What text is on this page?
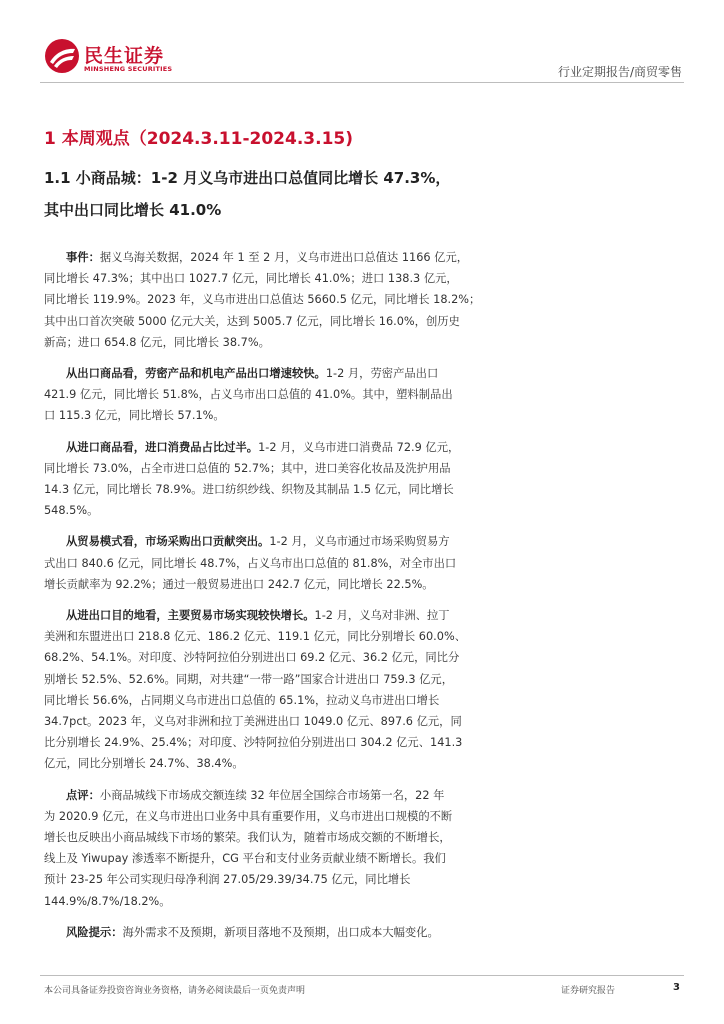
民生证券
MINSHENG SECURITIES	行业定期报告/商贸零售
1 本周观点（2024.3.11-2024.3.15)
1.1 小商品城：1-2 月义乌市进出口总值同比增长 47.3%，
其中出口同比增长 41.0%
事件：据义乌海关数据，2024 年 1 至 2 月，义乌市进出口总值达 1166 亿元，
同比增长 47.3%；其中出口 1027.7 亿元，同比增长 41.0%；进口 138.3 亿元，
同比增长 119.9%。2023 年，义乌市进出口总值达 5660.5 亿元，同比增长 18.2%；
其中出口首次突破 5000 亿元大关，达到 5005.7 亿元，同比增长 16.0%，创历史
新高；进口 654.8 亿元，同比增长 38.7%。
从出口商品看，劳密产品和机电产品出口增速较快。1-2 月，劳密产品出口
421.9 亿元，同比增长 51.8%，占义乌市出口总值的 41.0%。其中，塑料制品出
口 115.3 亿元，同比增长 57.1%。
从进口商品看，进口消费品占比过半。1-2 月，义乌市进口消费品 72.9 亿元，
同比增长 73.0%，占全市进口总值的 52.7%；其中，进口美容化妆品及洗护用品
14.3 亿元，同比增长 78.9%。进口纺织纱线、织物及其制品 1.5 亿元，同比增长
548.5%。
从贸易模式看，市场采购出口贡献突出。1-2 月，义乌市通过市场采购贸易方
式出口 840.6 亿元，同比增长 48.7%，占义乌市出口总值的 81.8%，对全市出口
增长贡献率为 92.2%；通过一般贸易进出口 242.7 亿元，同比增长 22.5%。
从进出口目的地看，主要贸易市场实现较快增长。1-2 月，义乌对非洲、拉丁
美洲和东盟进出口 218.8 亿元、186.2 亿元、119.1 亿元，同比分别增长 60.0%、
68.2%、54.1%。对印度、沙特阿拉伯分别进出口 69.2 亿元、36.2 亿元，同比分
别增长 52.5%、52.6%。同期，对共建“一带一路”国家合计进出口 759.3 亿元，
同比增长 56.6%，占同期义乌市进出口总值的 65.1%，拉动义乌市进出口增长
34.7pct。2023 年，义乌对非洲和拉丁美洲进出口 1049.0 亿元、897.6 亿元，同
比分别增长 24.9%、25.4%；对印度、沙特阿拉伯分别进出口 304.2 亿元、141.3
亿元，同比分别增长 24.7%、38.4%。
点评：小商品城线下市场成交额连续 32 年位居全国综合市场第一名，22 年
为 2020.9 亿元，在义乌市进出口业务中具有重要作用，义乌市进出口规模的不断
增长也反映出小商品城线下市场的繁荣。我们认为，随着市场成交额的不断增长，
线上及 Yiwupay 渗透率不断提升，CG 平台和支付业务贡献业绩不断增长。我们
预计 23-25 年公司实现归母净利润 27.05/29.39/34.75 亿元，同比增长
144.9%/8.7%/18.2%。
风险提示：海外需求不及预期，新项目落地不及预期，出口成本大幅变化。
本公司具备证券投资咨询业务资格，请务必阅读最后一页免责声明	证券研究报告	3
